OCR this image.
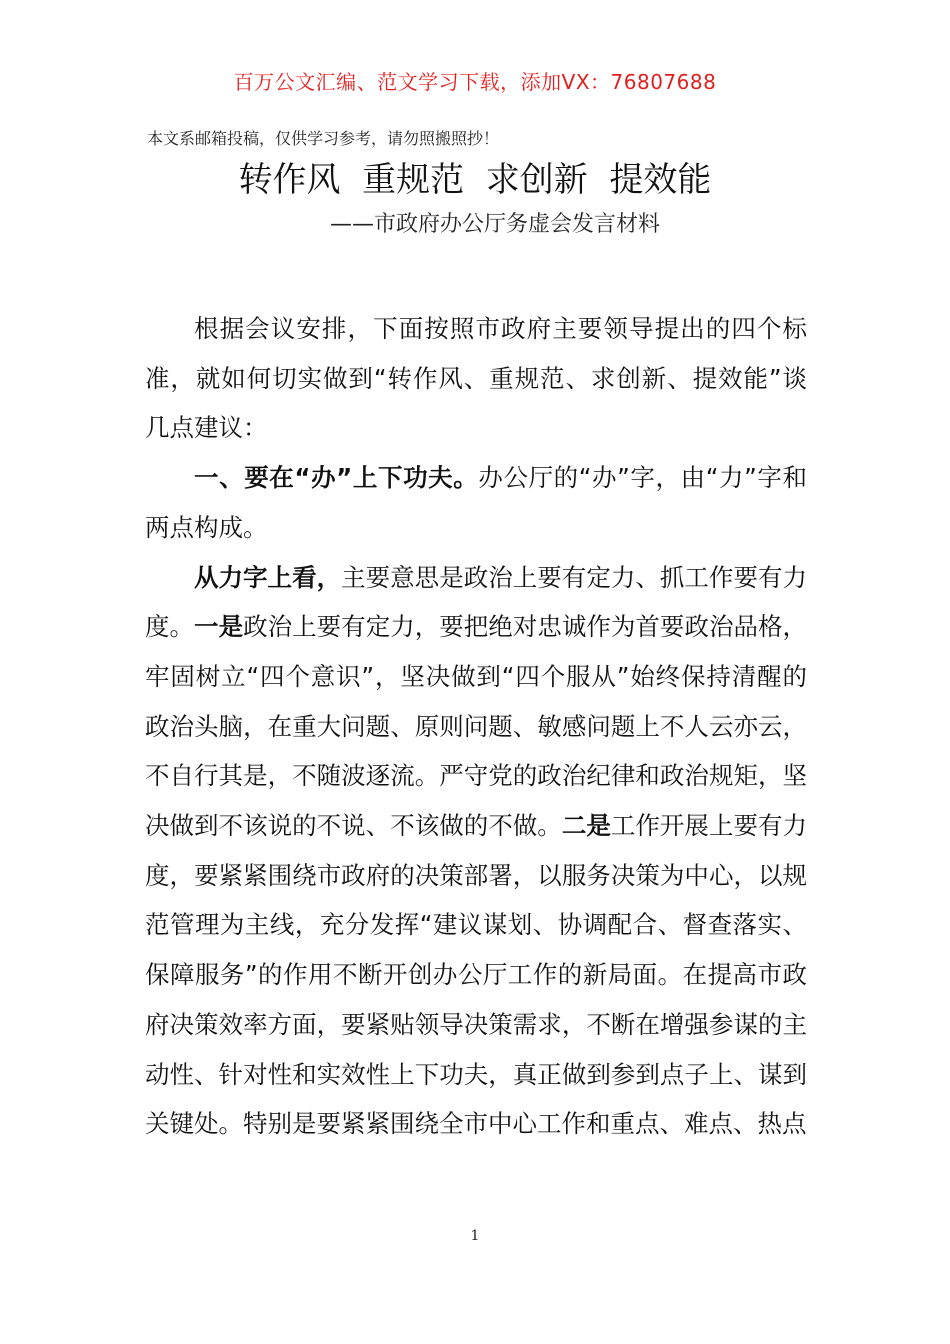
百万公文汇编、范文学习下载，添加VX：76807688
本文系邮箱投稿，仅供学习参考，请勿照搬照抄！
转作风  重规范  求创新  提效能
——市政府办公厅务虚会发言材料

根据会议安排，下面按照市政府主要领导提出的四个标准，就如何切实做到“转作风、重规范、求创新、提效能”谈几点建议：

一、要在“办”上下功夫。办公厅的“办”字，由“力”字和两点构成。

从力字上看，主要意思是政治上要有定力、抓工作要有力度。一是政治上要有定力，要把绝对忠诚作为首要政治品格，牢固树立“四个意识”，坚决做到“四个服从”始终保持清醒的政治头脑，在重大问题、原则问题、敏感问题上不人云亦云，不自行其是，不随波逐流。严守党的政治纪律和政治规矩，坚决做到不该说的不说、不该做的不做。二是工作开展上要有力度，要紧紧围绕市政府的决策部署，以服务决策为中心，以规范管理为主线，充分发挥“建议谋划、协调配合、督查落实、保障服务”的作用不断开创办公厅工作的新局面。在提高市政府决策效率方面，要紧贴领导决策需求，不断在增强参谋的主动性、针对性和实效性上下功夫，真正做到参到点子上、谋到关键处。特别是要紧紧围绕全市中心工作和重点、难点、热点

1
